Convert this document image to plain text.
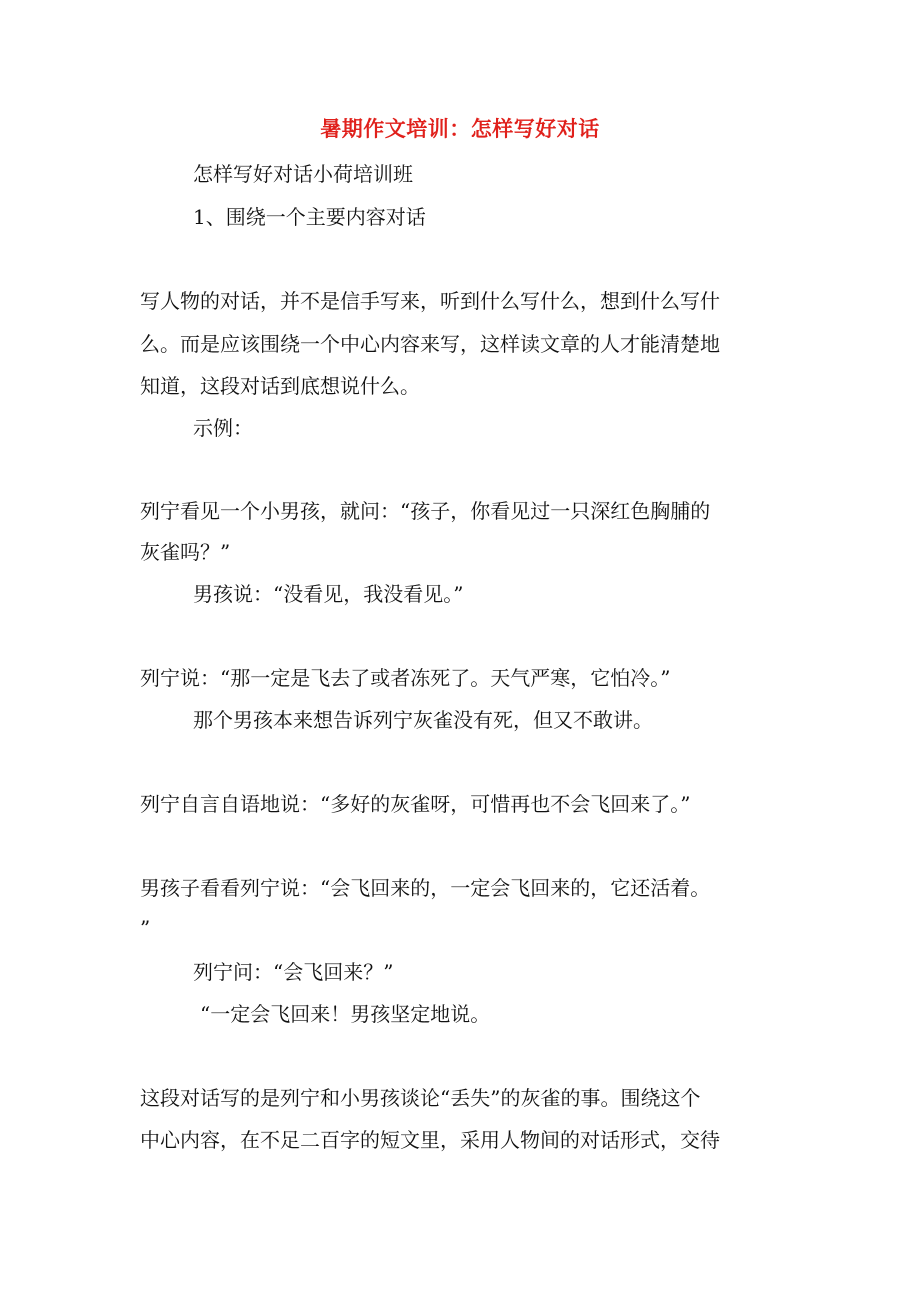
暑期作文培训：怎样写好对话
怎样写好对话小荷培训班
1、围绕一个主要内容对话
写人物的对话，并不是信手写来，听到什么写什么，想到什么写什
么。而是应该围绕一个中心内容来写，这样读文章的人才能清楚地
知道，这段对话到底想说什么。
示例：
列宁看见一个小男孩，就问：“孩子，你看见过一只深红色胸脯的
灰雀吗？”
男孩说：“没看见，我没看见。”
列宁说：“那一定是飞去了或者冻死了。天气严寒，它怕冷。”
那个男孩本来想告诉列宁灰雀没有死，但又不敢讲。
列宁自言自语地说：“多好的灰雀呀，可惜再也不会飞回来了。”
男孩子看看列宁说：“会飞回来的，一定会飞回来的，它还活着。
”
列宁问：“会飞回来？”
“一定会飞回来！男孩坚定地说。
这段对话写的是列宁和小男孩谈论“丢失”的灰雀的事。围绕这个
中心内容，在不足二百字的短文里，采用人物间的对话形式，交待
